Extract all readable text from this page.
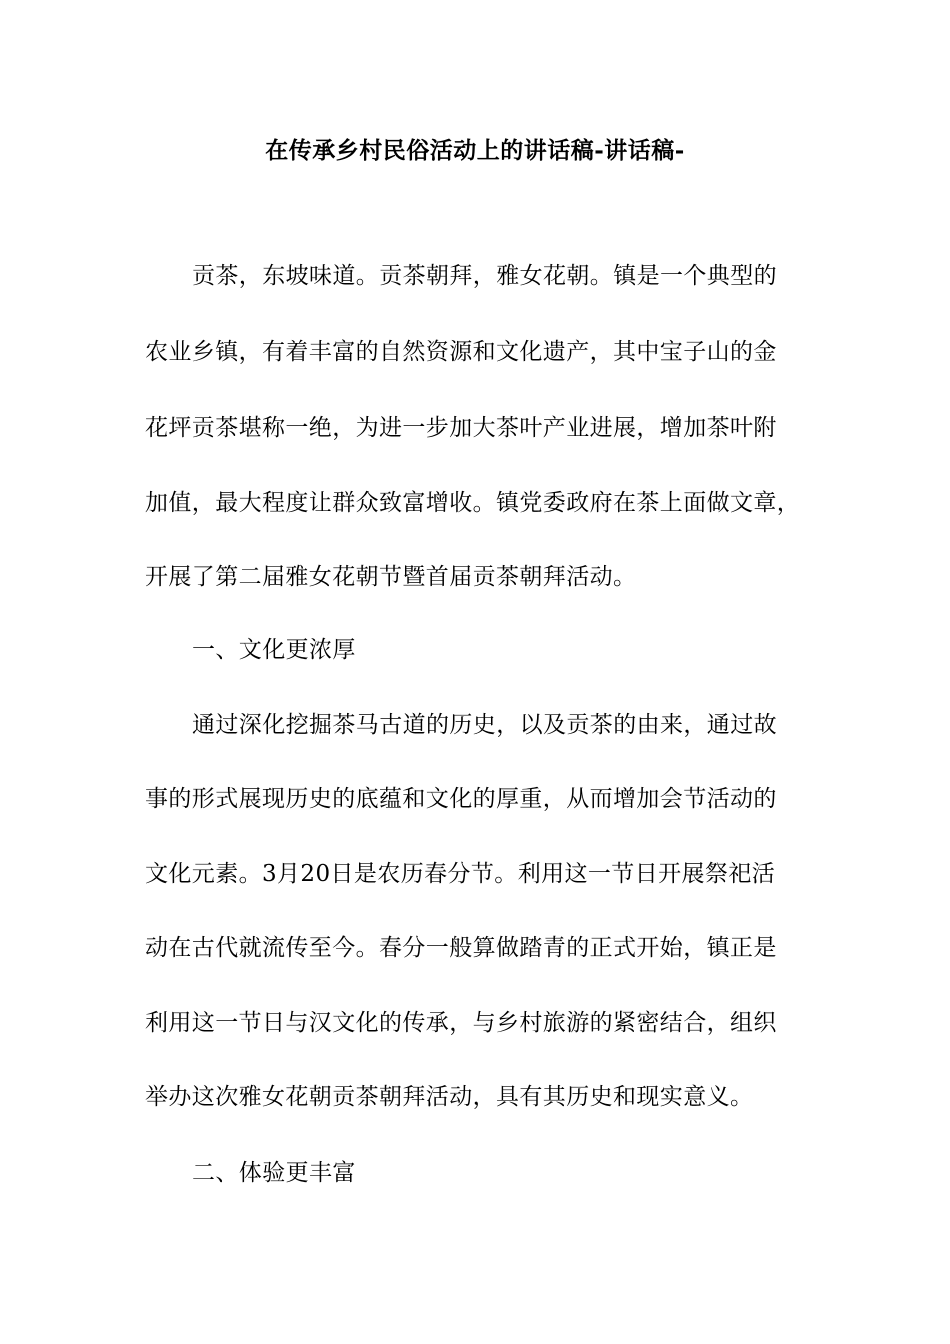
在传承乡村民俗活动上的讲话稿-讲话稿-
贡茶，东坡味道。贡茶朝拜，雅女花朝。镇是一个典型的
农业乡镇，有着丰富的自然资源和文化遗产，其中宝子山的金
花坪贡茶堪称一绝，为进一步加大茶叶产业进展，增加茶叶附
加值，最大程度让群众致富增收。镇党委政府在茶上面做文章，
开展了第二届雅女花朝节暨首届贡茶朝拜活动。
一、文化更浓厚
通过深化挖掘茶马古道的历史，以及贡茶的由来，通过故
事的形式展现历史的底蕴和文化的厚重，从而增加会节活动的
文化元素。3月20日是农历春分节。利用这一节日开展祭祀活
动在古代就流传至今。春分一般算做踏青的正式开始，镇正是
利用这一节日与汉文化的传承，与乡村旅游的紧密结合，组织
举办这次雅女花朝贡茶朝拜活动，具有其历史和现实意义。
二、体验更丰富
